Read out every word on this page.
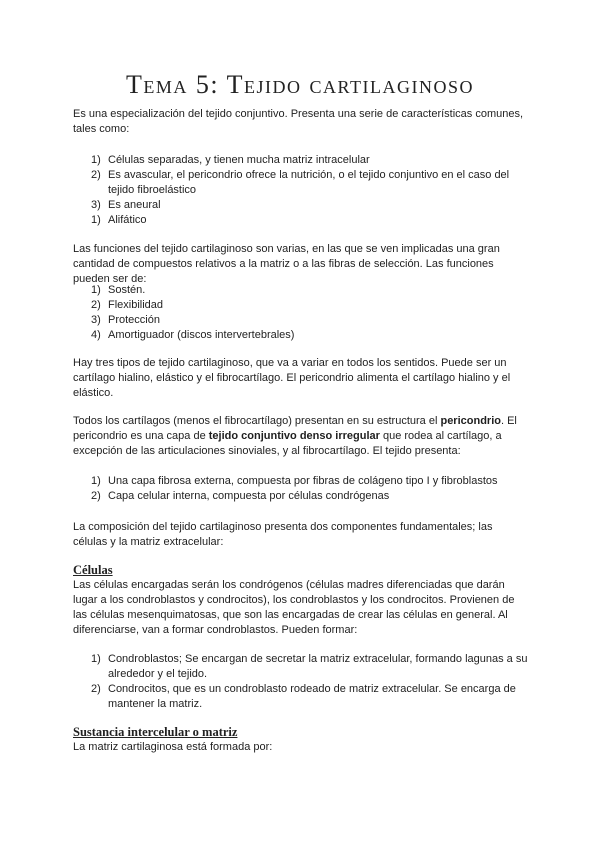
Tema 5: Tejido cartilaginoso

Es una especialización del tejido conjuntivo. Presenta una serie de características comunes, tales como:

1) Células separadas, y tienen mucha matriz intracelular
2) Es avascular, el pericondrio ofrece la nutrición, o el tejido conjuntivo en el caso del tejido fibroelástico
3) Es aneural
1) Alifático

Las funciones del tejido cartilaginoso son varias, en las que se ven implicadas una gran cantidad de compuestos relativos a la matriz o a las fibras de selección. Las funciones pueden ser de:

1) Sostén.
2) Flexibilidad
3) Protección
4) Amortiguador (discos intervertebrales)

Hay tres tipos de tejido cartilaginoso, que va a variar en todos los sentidos. Puede ser un cartílago hialino, elástico y el fibrocartílago. El pericondrio alimenta el cartílago hialino y el elástico.

Todos los cartílagos (menos el fibrocartílago) presentan en su estructura el pericondrio. El pericondrio es una capa de tejido conjuntivo denso irregular que rodea al cartílago, a excepción de las articulaciones sinoviales, y al fibrocartílago. El tejido presenta:

1) Una capa fibrosa externa, compuesta por fibras de colágeno tipo I y fibroblastos
2) Capa celular interna, compuesta por células condrógenas

La composición del tejido cartilaginoso presenta dos componentes fundamentales; las células y la matriz extracelular:

Células

Las células encargadas serán los condrógenos (células madres diferenciadas que darán lugar a los condroblastos y condrocitos), los condroblastos y los condrocitos. Provienen de las células mesenquimatosas, que son las encargadas de crear las células en general. Al diferenciarse, van a formar condroblastos. Pueden formar:

1) Condroblastos; Se encargan de secretar la matriz extracelular, formando lagunas a su alrededor y el tejido.
2) Condrocitos, que es un condroblasto rodeado de matriz extracelular. Se encarga de mantener la matriz.
Sustancia intercelular o matriz

La matriz cartilaginosa está formada por:
